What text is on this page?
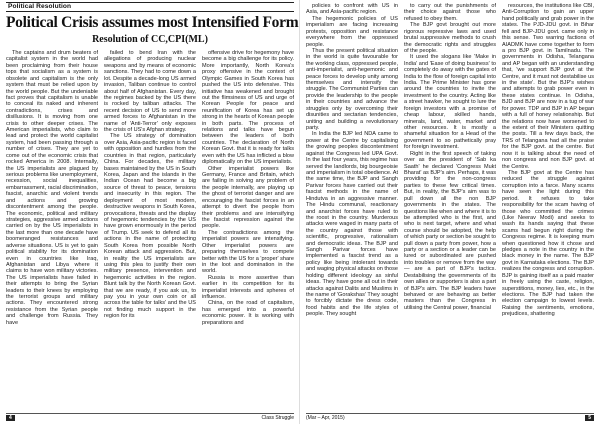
Political Resolution
Political Crisis assumes most Intensified Form
Resolution of CC,CPI(ML)

The captains and drum beaters of capitalist system in the world had been proclaiming from their house tops that socialism as a system is obsolete and capitalism is the only system that must be relied upon by the world people. But the undeniable fact proves that capitalism is unable to conceal its naked and inherent contradictions, crises and disillusions. It is moving from one crisis to other deeper crises. The American imperialists, who claim to lead and protect the world capitalist system, had been passing through a number of crises. They are yet to come out of the economic crisis that rocked America in 2008. Internally, the US imperialists are plagued by serious problems like unemployment, recession, social inequalities, embarrassment, racial discrimination, fascist, anarchic and violent trends and actions and growing discontentment among the people. The economic, political and military strategies, aggressive armed actions carried on by the US imperialists in the last more than one decade have boomeranged resistances and adverse situations. US is yet to gain political stability for its domination even in countries like Iraq, Afghanistan and Libya where it claims to have won military victories. The US imperialists have failed in their attempts to bring the Syrian leaders to their knees by employing the terrorist groups and military actions. They encountered strong resistance from the Syrian people and challenge from Russia. They have

failed to bend Iran with the allegations of producing nuclear weapons and by means of economic sanctions. They had to come down a lot. Despite a decade-long US armed invasion, Taliban continue to control about half of Afghanistan. Every day, the regimes backed by the US there is rocked by taliban attacks. The recent decision of US to send more armed forces to Afghanistan in the name of 'Anti-Terror' only exposes the crisis of US's Afghan strategy.

The US strategy of domination over Asia, Asia-pacific region is faced with opposition and hurdles from the countries in that region, particularly China. For decades, the military bases maintained by the US in South Korea, Japan and the islands in the Indian Ocean had become a big source of threat to peace, tensions and insecurity in this region. The deployment of most modern, destructive weapons in South Korea, provocations, threats and the display of hegemonic tendencies by the US have grown enormously in the period of Trump. US seek to defend all its actions in the name of protecting South Korea from possible North Korean attack and aggression. But, in reality the US imperialists are using this plea to justify their own military presence, intervention and hegemonic activities in the region. Blunt talk by the North Korean Govt. that we are ready, if you ask us, to pay you in your own coin or all across the table for talks' and the US not finding much support in the region for its

offensive drive for hegemony have become a big challenge for its policy. More importantly, North Korea's proxy offensive in the context of Olympic Games in South Korea has pushed the US into defensive. This initiative has weakened and brought out the flimsiness of US and urge of Korean People for peace and reunification of Korea has set up strong in the hearts of Korean people in both parts. The process of relations and talks have begun between the leaders of both countries. The declaration of North Korean Govt. that it is ready for talks even with the US has inflicted a blow diplomatically on the US imperialists.

Other imperialist powers like Germany, France and Britain, which are failing in solving any problem of the people internally, are playing up the ghost of terrorist danger and are encouraging the fascist forces in an attempt to divert the people from their problems and are intensifying the fascist repression against the people.

The contradictions among the imperialist powers are intensifying. Other imperialist powers are preparing themselves to compete better with the US for a 'proper' share in the loot and domination in the world.

Russia is more assertive than earlier in its competition for its imperialist interests and spheres of influence.

China, on the road of capitalism, has emerged into a powerful economic power. It is working with preparations and

4	Class Struggle

policies to confront with US in Asia, and Asia-pacific region.

The hegemonic policies of US imperialism are facing increasing protests, opposition and resistance everywhere from the oppressed people.

Thus the present political situation in the world is quite favourable for the working class, oppressed people, anti-imperialist, anti-hegemonic and peace forces to develop unity among themselves and intensify the struggle. The Communist Parties can provide the leadership to the people in their countries and advance the struggles only by overcoming their disunities and sectarian tendencies, uniting and building a revolutionary party.

In India the BJP led NDA came to power at the Centre by capitalising the growing peoples discontentment against the Congress led UPA Govt. In the last four years, this regime has served the landlords, big bourgeoisie and imperialism in total obedience. At the same time, the BJP and Sangh Parivar forces have carried out their fascist methods in the name of Hindutva in an aggressive manner. The Hindu communal, reactionary and anarchist forces have ruled to the roost in the country. Murderous attacks were waged in many parts of the country against those with scientific, progressive, rationalism and democratic ideas. The BJP and Sangh Parivar forces have implemented a fascist trend as a policy like being intolerant towards and waging physical attacks on those holding different ideology as sinful ideas. They have gone all out in their attacks against Dalits and Muslims in the name of 'Gorakshas' They sought to forcibly dictate the dress code, food habits and the life styles of people. They sought

to carry out the punishments of their choice against those who refused to obey them.

The BJP govt brought out more rigorous repressive laws and used brutal suppressive methods to crush the democratic rights and struggles of the people.

It used the slogans like 'Make in India' and 'Ease of doing business' to completely do away with the gates of India to the flow of foreign capital into India. The Prime Minister has gone around the countries to invite the investment to the country. Acting like a street hawker, he sought to lure the foreign investors with a promise of cheap labour, skilled hands, minerals, land, water, market and other resources. It is mostly a shameful situation for a Head of the government to so pathetically pray for foreign investment.

Right in the first speech of taking over as the president of 'Sab ka Saath' he declared 'Congress Mukt Bharat' as BJP's aim. Perhaps, it was providing for the non-congress parties to these few critical times. But, in reality, the BJP's aim was to pull down all the non BJP governments in the states. The questions like when and where it is to be attempted who is the first, and who is next target, where and what course should be adopted, the help of which party or section be sought to pull down a party from power, how a party or a section or a leader can be lured or subordinated are pushed into troubles or remove from the way — are a part of BJP's tactics. Destabilising the governments of its own allies or supporters is also a part of BJP's aim. The BJP leaders have behaved or are behaving as better masters than the Congress in utilising the Central power, financial

resources, the institutions like CBI, Anti-Corruption to gain an upper hand politically and grab power in the states. The PJD-JDU govt. in Bihar fell and BJP-JDU govt. came only in this sense. Two warring factions of AIADMK have come together to form a pro BJP govt. in Tamilnadu. The governments in Odisha, Telangana and AP began with an understanding that, 'we support BJP govt at the Centre, and it must not destabilise us in the state'. But the BJP's wishes and attempts to grab power even in these states continue. In Odisha, BJD and BJP are now in a tug of war for power. TDP and BJP in AP began with a full of honey relationship. But the relations now have worsened to the extent of their Ministers quitting the posts. Till a few days back, the TRS of Telangana had all the praise for the BJP govt. at the centre. But now it is talking about the need of non congress and non BJP govt. at the Centre.

The BJP govt at the Centre has reduced the struggle against corruption into a farce. Many scams have seen the light during this period. It refuses to take responsibility for the scam having of those who committed the crimes (Like Neerav Modi) and seeks to wash its hands saying that these scams had begun right during the Congress regime. It is keeping mum when questioned how it chose and pledges a note in the country in the black money in the name. The BJP govt in Karnataka elections. The BJP realizes the congress and corruption. BJP is gaining itself as a paid master in freely using the caste, religion, superstitions, money, lies, etc., in the elections. The BJP had taken the election campaign to lowest levels. Raising the sentiments, emotions, prejudices, shattering

(Mar – Apr, 2015)	5
